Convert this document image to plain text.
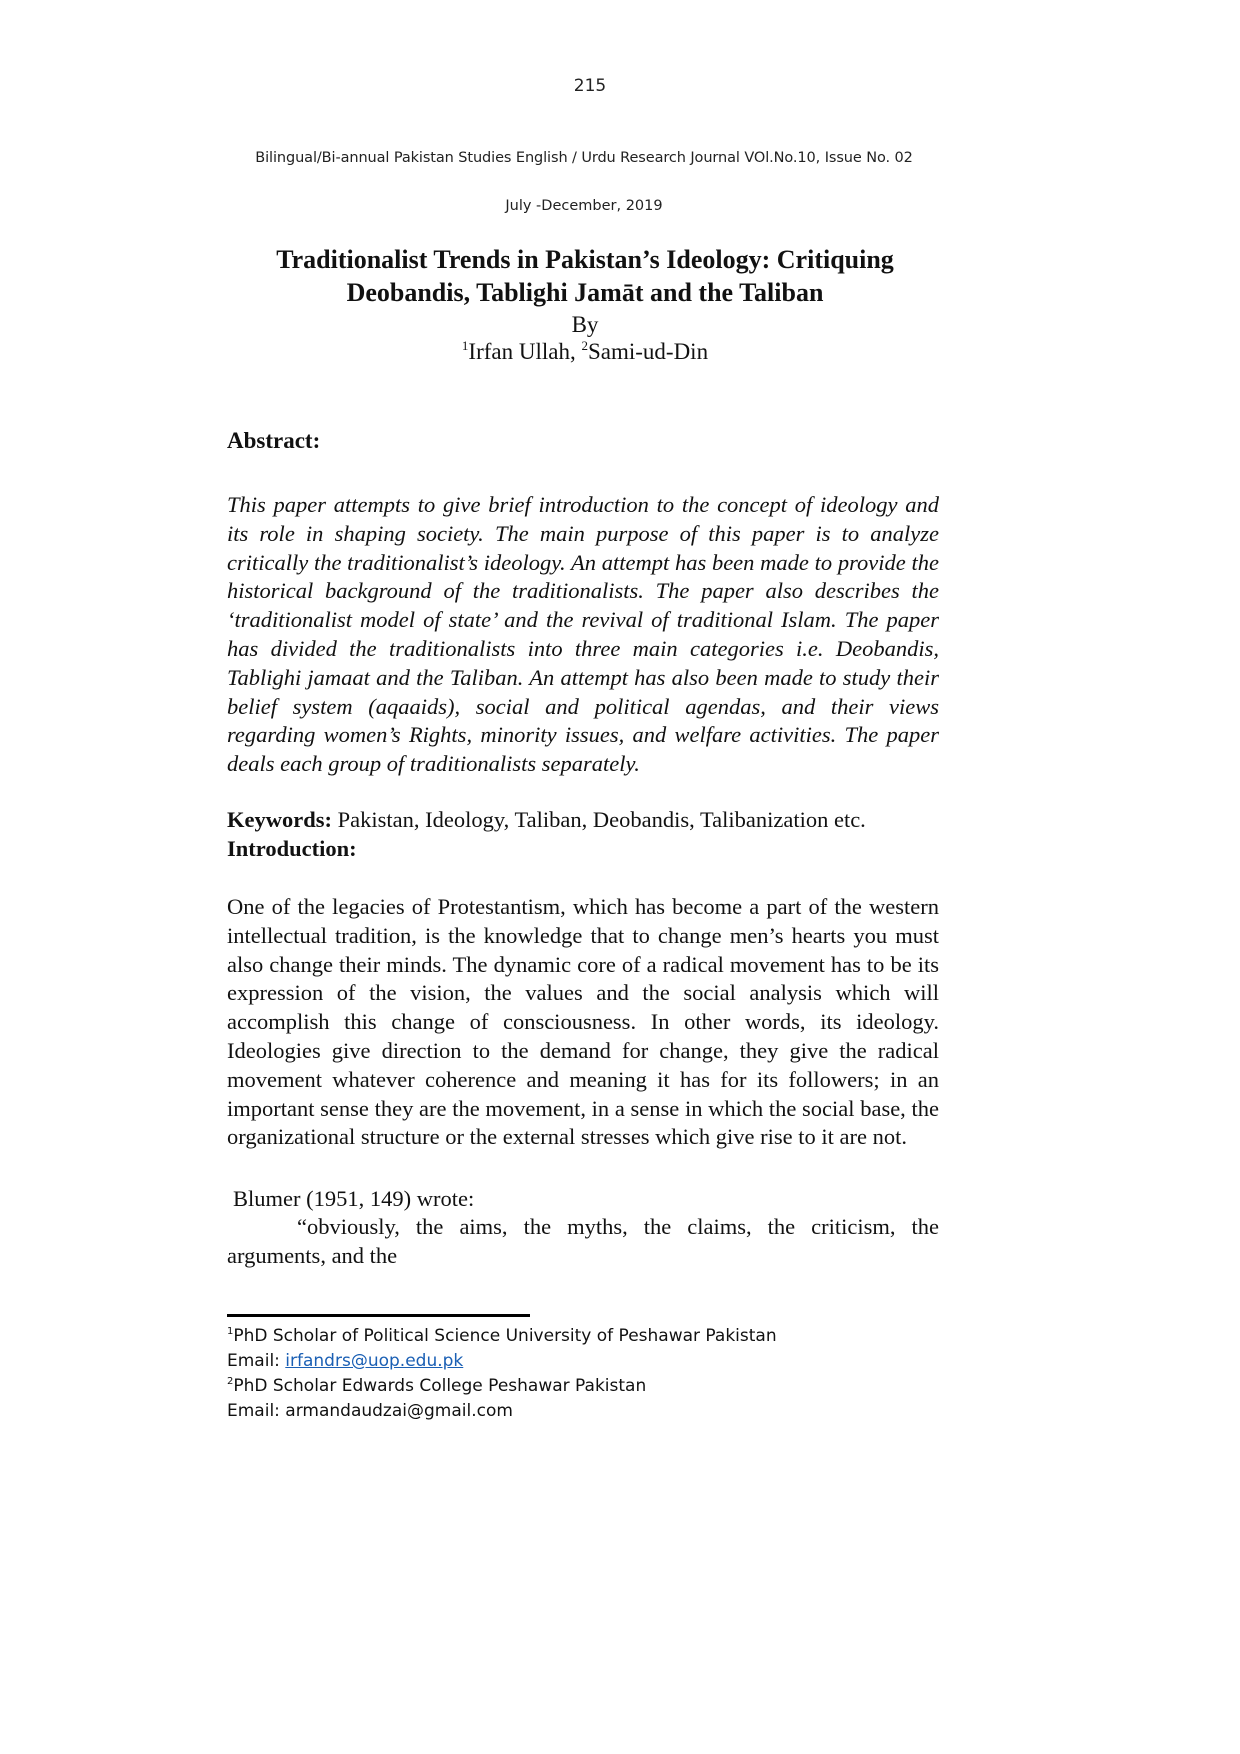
215
Bilingual/Bi-annual Pakistan Studies English / Urdu Research Journal VOl.No.10, Issue No. 02
July -December, 2019
Traditionalist Trends in Pakistan’s Ideology: Critiquing
Deobandis, Tablighi Jamāt and the Taliban
By
$^1$Irfan Ullah, $^2$Sami-ud-Din
Abstract:
This paper attempts to give brief introduction to the concept of ideology and its role in shaping society. The main purpose of this paper is to analyze critically the traditionalist’s ideology. An attempt has been made to provide the historical background of the traditionalists. The paper also describes the ‘traditionalist model of state’ and the revival of traditional Islam. The paper has divided the traditionalists into three main categories i.e. Deobandis, Tablighi jamaat and the Taliban. An attempt has also been made to study their belief system (aqaaids), social and political agendas, and their views regarding women’s Rights, minority issues, and welfare activities. The paper deals each group of traditionalists separately.
Keywords: Pakistan, Ideology, Taliban, Deobandis, Talibanization etc.
Introduction:
One of the legacies of Protestantism, which has become a part of the western intellectual tradition, is the knowledge that to change men’s hearts you must also change their minds. The dynamic core of a radical movement has to be its expression of the vision, the values and the social analysis which will accomplish this change of consciousness. In other words, its ideology. Ideologies give direction to the demand for change, they give the radical movement whatever coherence and meaning it has for its followers; in an important sense they are the movement, in a sense in which the social base, the organizational structure or the external stresses which give rise to it are not.
Blumer (1951, 149) wrote:
“obviously, the aims, the myths, the claims, the criticism, the arguments, and the
$^1$PhD Scholar of Political Science University of Peshawar Pakistan
Email: irfandrs@uop.edu.pk
$^2$PhD Scholar Edwards College Peshawar Pakistan
Email: armandaudzai@gmail.com
